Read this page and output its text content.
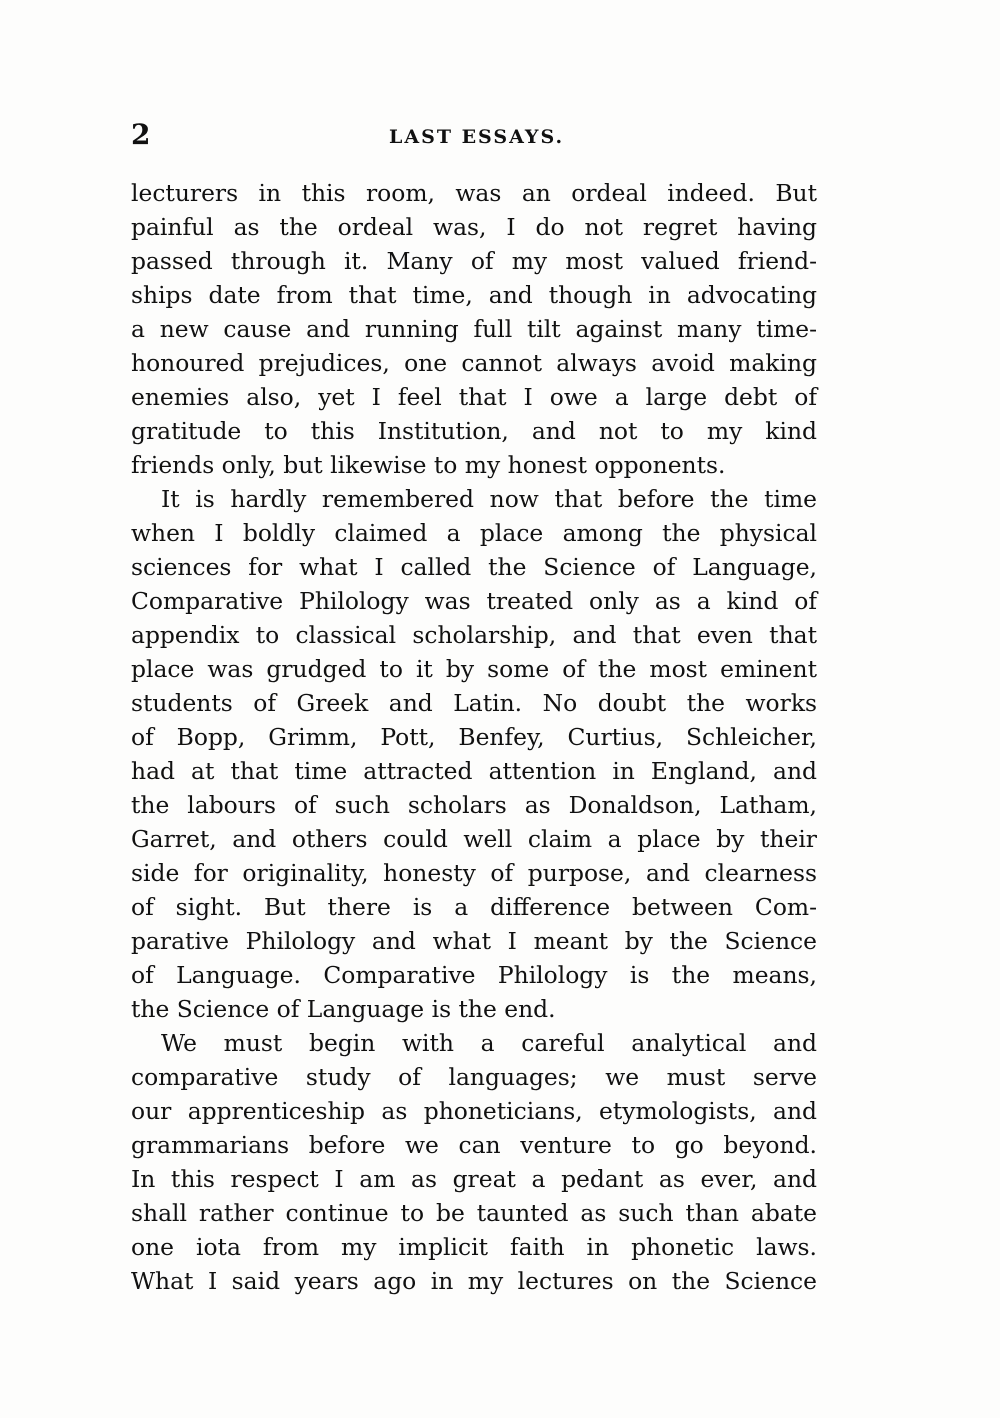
2	LAST ESSAYS.
lecturers in this room, was an ordeal indeed. But
painful as the ordeal was, I do not regret having
passed through it. Many of my most valued friend-
ships date from that time, and though in advocating
a new cause and running full tilt against many time-
honoured prejudices, one cannot always avoid making
enemies also, yet I feel that I owe a large debt of
gratitude to this Institution, and not to my kind
friends only, but likewise to my honest opponents.
It is hardly remembered now that before the time
when I boldly claimed a place among the physical
sciences for what I called the Science of Language,
Comparative Philology was treated only as a kind of
appendix to classical scholarship, and that even that
place was grudged to it by some of the most eminent
students of Greek and Latin. No doubt the works
of Bopp, Grimm, Pott, Benfey, Curtius, Schleicher,
had at that time attracted attention in England, and
the labours of such scholars as Donaldson, Latham,
Garret, and others could well claim a place by their
side for originality, honesty of purpose, and clearness
of sight. But there is a difference between Com-
parative Philology and what I meant by the Science
of Language. Comparative Philology is the means,
the Science of Language is the end.
We must begin with a careful analytical and
comparative study of languages; we must serve
our apprenticeship as phoneticians, etymologists, and
grammarians before we can venture to go beyond.
In this respect I am as great a pedant as ever, and
shall rather continue to be taunted as such than abate
one iota from my implicit faith in phonetic laws.
What I said years ago in my lectures on the Science
